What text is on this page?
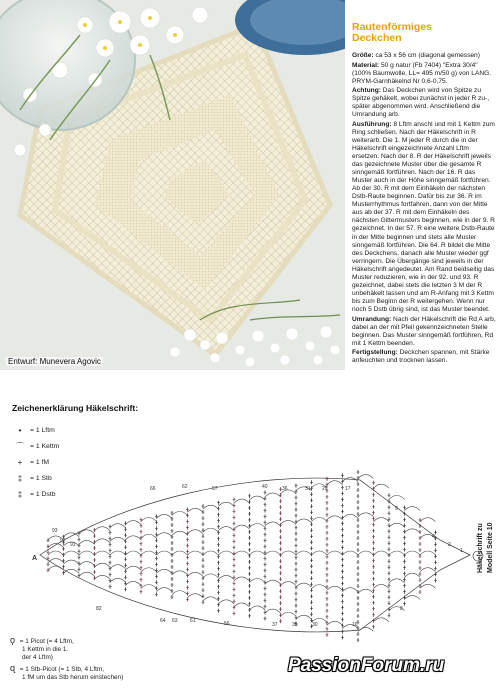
Entwurf: Munevera Agovic
Rautenförmiges
Deckchen

Größe: ca 53 x 56 cm (diagonal gemessen)

Material: 50 g natur (Fb 7404) "Extra 30/4" (100% Baumwolle, LL= 495 m/50 g) von LANG. PRYM-Garnhäkelnd Nr 0,6-0,75.

Achtung: Das Deckchen wird von Spitze zu Spitze gehäkelt, wobei zunächst in jeder R zu-, später abgenommen wird. Anschließend die Umrandung arb.

Ausführung: 8 Lftm anschl und mit 1 Kettm zum Ring schließen. Nach der Häkelschrift in R weiterarb. Die 1. M jeder R durch die in der Häkelschrift eingezeichnete Anzahl Lftm ersetzen. Nach der 8. R der Häkelschrift jeweils das gezeichnete Muster über die gesamte R sinngemäß fortführen. Nach der 16. R das Muster auch in der Höhe sinngemäß fortführen. Ab der 30. R mit dem Einhäkeln der nächsten Dstb-Raute beginnen. Dafür bis zur 36. R im Musterrhythmus fortfahren, dann von der Mitte aus ab der 37. R mit dem Einhäkeln des nächsten Gittermusters beginnen, wie in der 9. R gezeichnet. In der 57. R eine weitere Dstb-Raute in der Mitte beginnen und stets alle Muster sinngemäß fortführen. Die 64. R bildet die Mitte des Deckchens, danach alle Muster wieder ggf verringern. Die Übergänge sind jeweils in der Häkelschrift angedeutet. Am Rand beidseitig das Muster reduzieren, wie in der 92. und 93. R gezeichnet, dabei stets die letzten 3 M der R unbehäkelt lassen und am R-Anfang mit 3 Kettm bis zum Beginn der R weitergehen. Wenn nur noch 5 Dstb übrig sind, ist das Muster beendet.

Umrandung: Nach der Häkelschrift die Rd A arb, dabei an der mit Pfeil gekennzeichneten Stelle beginnen. Das Muster sinngemäß fortführen, Rd mit 1 Kettm beenden.

Fertigstellung: Deckchen spannen, mit Stärke anfeuchten und trocknen lassen.

Zeichenerklärung Häkelschrift:
•	= 1 Lftm
⌒ = 1 Kettm
+	= 1 fM
‡	= 1 Stb
‡	= 1 Dstb
ϙ = 1 Picot (= 4 Lftm,
1 Kettm in die 1.
der 4 Lftm)
ɋ = 1 Stb-Picot (= 1 Stb, 4 Lftm,
1 fM um das Stb herum einstechen)
93
92
91
82
66
64 63
62
61
57
56
40
37
36
35
31
30
29	17
16
9
8
4
2
1
A	Häkelschrift zu Modell Seite 10
PassionForum.ru
